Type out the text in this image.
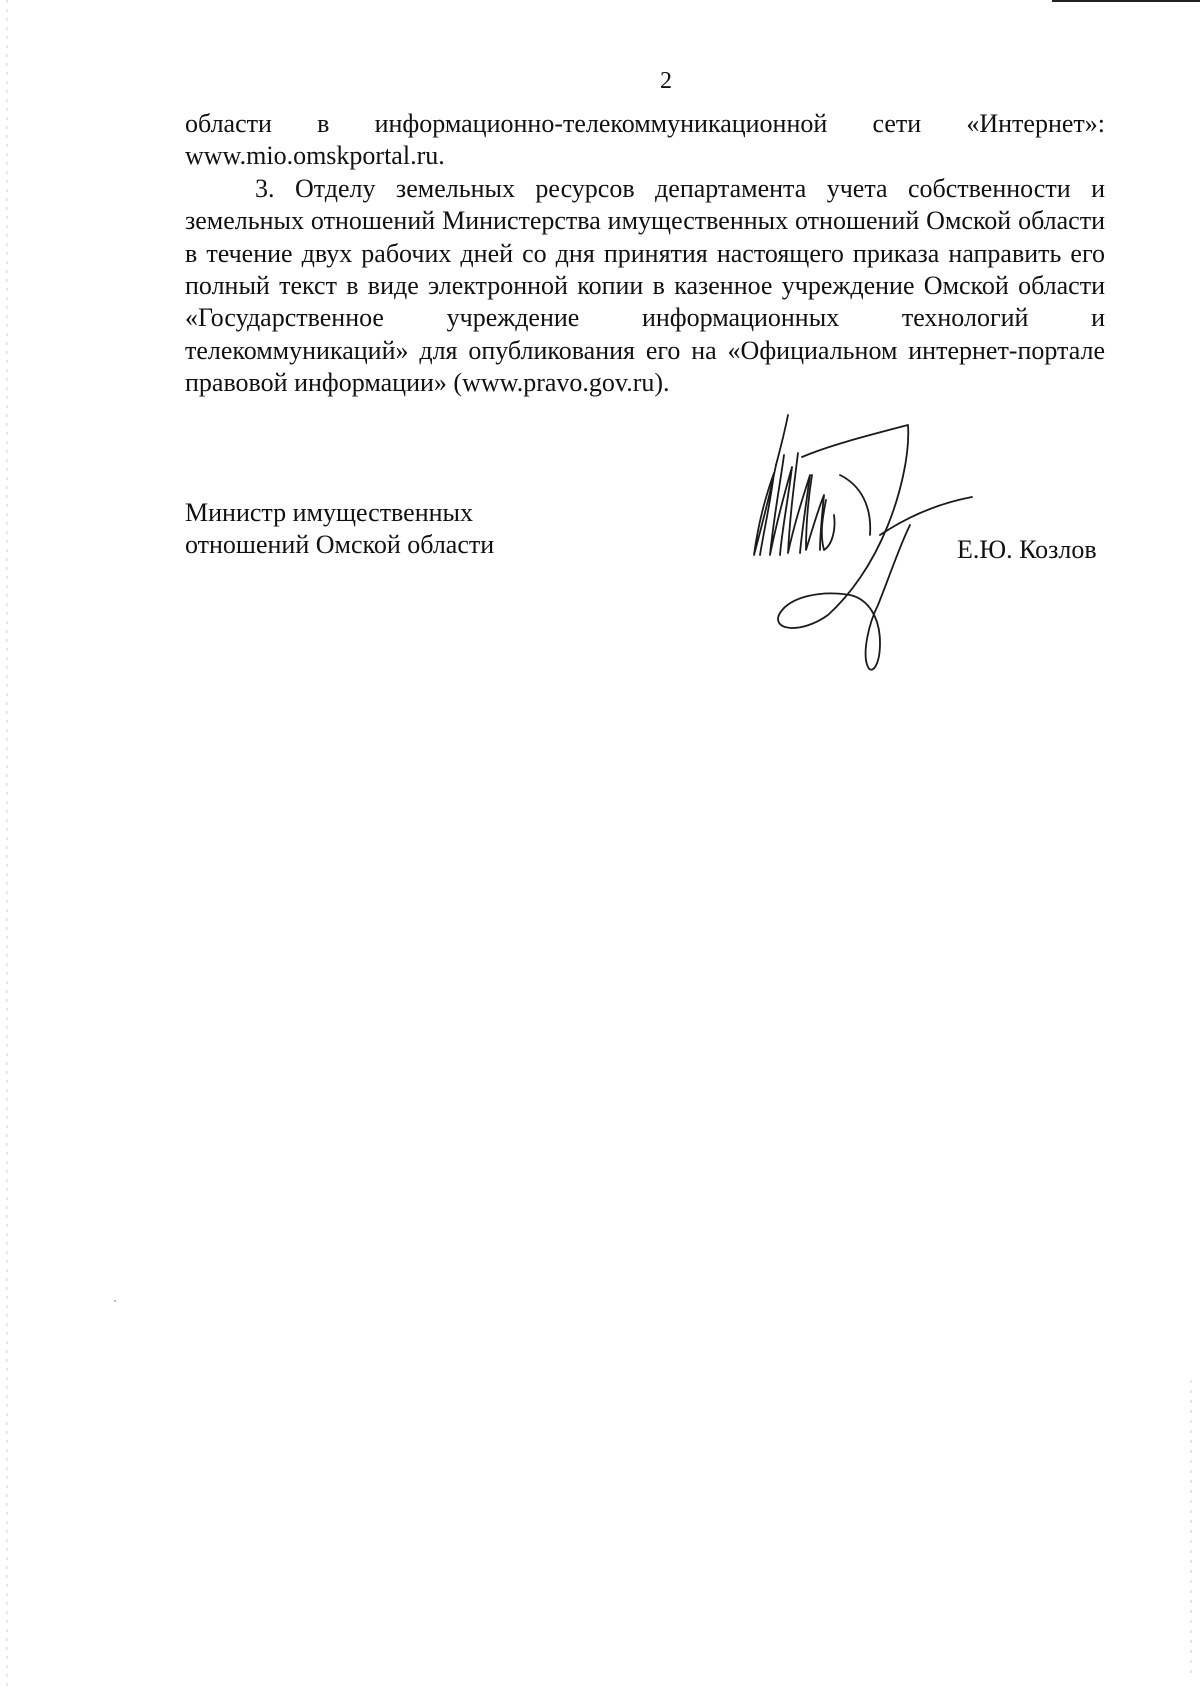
2

области в информационно-телекоммуникационной сети «Интернет»: www.mio.omskportal.ru.

3. Отделу земельных ресурсов департамента учета собственности и земельных отношений Министерства имущественных отношений Омской области в течение двух рабочих дней со дня принятия настоящего приказа направить его полный текст в виде электронной копии в казенное учреждение Омской области «Государственное учреждение информационных технологий и телекоммуникаций» для опубликования его на «Официальном интернет-портале правовой информации» (www.pravo.gov.ru).

Министр имущественных
отношений Омской области	Е.Ю. Козлов
